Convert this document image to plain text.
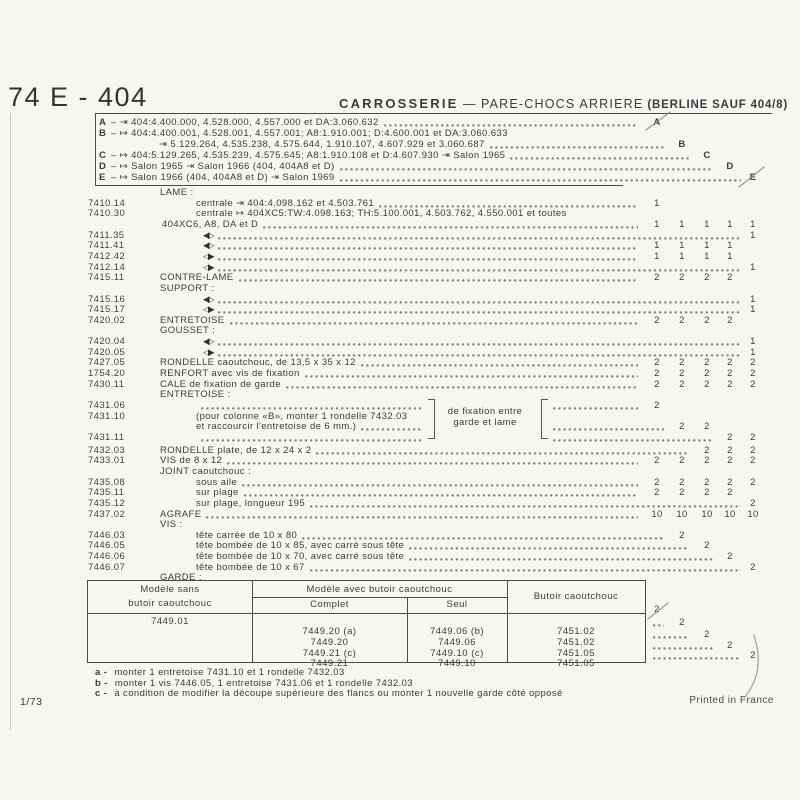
74 E - 404	CARROSSERIE — PARE-CHOCS ARRIERE (BERLINE SAUF 404/8)
A – ⇥ 404:4.400.000, 4.528.000, 4.557.000 et DA:3.060.632	A
B – ↦ 404:4.400.001, 4.528.001, 4.557.001; A8:1.910.001; D:4.600.001 et DA:3.060.633
⇥ 5.129.264, 4.535.238, 4.575.644, 1.910.107, 4.607.929 et 3.060.687	B
C – ↦ 404:5.129.265, 4.535.239, 4.575.645; A8:1.910.108 et D:4.607.930 ⇥ Salon 1965	C
D – ↦ Salon 1965 ⇥ Salon 1966 (404, 404A8 et D)	D
E – ↦ Salon 1966 (404, 404A8 et D) ⇥ Salon 1969	E
LAME :
7410.14	centrale ⇥ 404:4.098.162 et 4.503.761	1
7410.30	centrale ↦ 404XC5:TW:4.098.163; TH:5.100.001, 4.503.762, 4.550.001 et toutes
404XC6, A8, DA et D	1	1	1	1	1
7411.35	◀▷	1
7411.41	◀▷	1	1	1	1
7412.42	◁▶	1	1	1	1
7412.14	◁▶	1
7415.11	CONTRE-LAME	2	2	2	2
SUPPORT :
7415.16	◀▷	1
7415.17	◁▶	1
7420.02	ENTRETOISE	2	2	2	2
GOUSSET :
7420.04	◀▷	1
7420.05	◁▶	1
7427.05	RONDELLE caoutchouc, de 13,5 x 35 x 12	2	2	2	2	2
1754.20	RENFORT avec vis de fixation	2	2	2	2	2
7430.11	CALE de fixation de garde	2	2	2	2	2
ENTRETOISE :
7431.06	2
7431.10	(pour colonne «B», monter 1 rondelle 7432.03
et raccourcir l'entretoise de 6 mm.)	2	2
7431.11	2	2
de fixation entre
garde et lame
7432.03	RONDELLE plate, de 12 x 24 x 2	2	2	2
7433.01	VIS de 8 x 12	2	2	2	2	2
JOINT caoutchouc :
7435.08	sous aile	2	2	2	2	2
7435.11	sur plage	2	2	2	2
7435.12	sur plage, longueur 195	2
7437.02	AGRAFE	10	10	10	10	10
VIS :
7446.03	tête carrée de 10 x 80	2
7446.05	tête bombée de 10 x 85, avec carré sous tête	2
7446.06	tête bombée de 10 x 70, avec carré sous tête	2
7446.07	tête bombée de 10 x 67	2
GARDE :
Modèle sans
butoir caoutchouc
Modèle avec butoir caoutchouc
Complet	Seul
Butoir caoutchouc
7449.01
7449.20 (a)	7449.06 (b)	7451.02
7449.20	7449.06	7451.02
7449.21 (c)	7449.10 (c)	7451.05
7449.21	7449.10	7451.05
2
2
2
2
2
a - monter 1 entretoise 7431.10 et 1 rondelle 7432.03
b - monter 1 vis 7446.05, 1 entretoise 7431.06 et 1 rondelle 7432.03
c - à condition de modifier la découpe supérieure des flancs ou monter 1 nouvelle garde côté opposé
1/73	Printed in France
